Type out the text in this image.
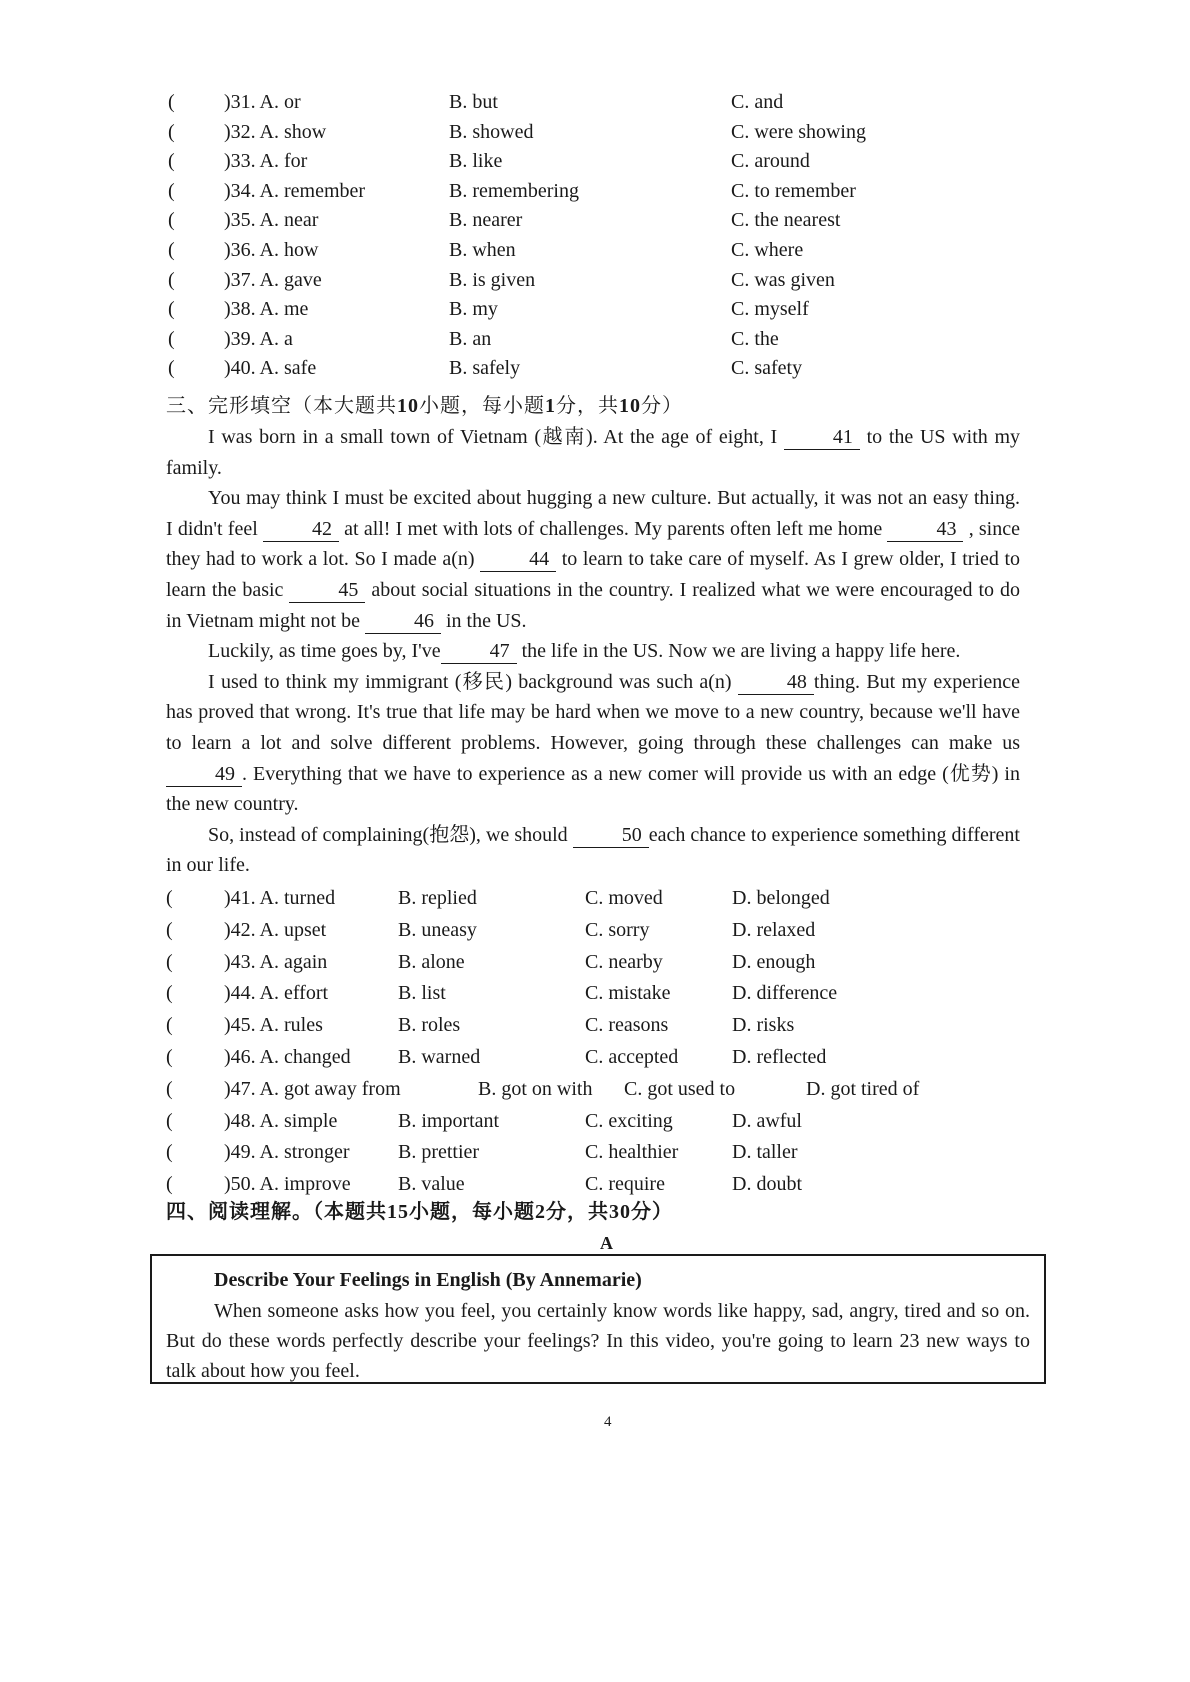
( )31. A. or	B. but	C. and
( )32. A. show	B. showed	C. were showing
( )33. A. for	B. like	C. around
( )34. A. remember	B. remembering	C. to remember
( )35. A. near	B. nearer	C. the nearest
( )36. A. how	B. when	C. where
( )37. A. gave	B. is given	C. was given
( )38. A. me	B. my	C. myself
( )39. A. a	B. an	C. the
( )40. A. safe	B. safely	C. safety
三、完形填空（本大题共10小题，每小题1分，共10分）

I was born in a small town of Vietnam (越南). At the age of eight, I 41 to the US with my family.

You may think I must be excited about hugging a new culture. But actually, it was not an easy thing. I didn't feel 42 at all! I met with lots of challenges. My parents often left me home 43 , since they had to work a lot. So I made a(n) 44 to learn to take care of myself. As I grew older, I tried to learn the basic 45 about social situations in the country. I realized what we were encouraged to do in Vietnam might not be 46 in the US.

Luckily, as time goes by, I've 47 the life in the US. Now we are living a happy life here.

I used to think my immigrant (移民) background was such a(n) 48 thing. But my experience has proved that wrong. It's true that life may be hard when we move to a new country, because we'll have to learn a lot and solve different problems. However, going through these challenges can make us 49 . Everything that we have to experience as a new comer will provide us with an edge (优势) in the new country.

So, instead of complaining(抱怨), we should 50 each chance to experience something different in our life.

(	)41. A. turned	B. replied	C. moved	D. belonged
(	)42. A. upset	B. uneasy	C. sorry	D. relaxed
(	)43. A. again	B. alone	C. nearby	D. enough
(	)44. A. effort	B. list	C. mistake	D. difference
(	)45. A. rules	B. roles	C. reasons	D. risks
(	)46. A. changed B. warned	C. accepted	D. reflected
(	)47. A. got away from	B. got on with C. got used to	D. got tired of
(	)48. A. simple	B. important	C. exciting	D. awful
(	)49. A. stronger B. prettier	C. healthier	D. taller
(	)50. A. improve B. value	C. require	D. doubt
四、阅读理解。（本题共15小题，每小题2分，共30分）
A
Describe Your Feelings in English (By Annemarie)

When someone asks how you feel, you certainly know words like happy, sad, angry, tired and so on. But do these words perfectly describe your feelings? In this video, you're going to learn 23 new ways to talk about how you feel.

4
